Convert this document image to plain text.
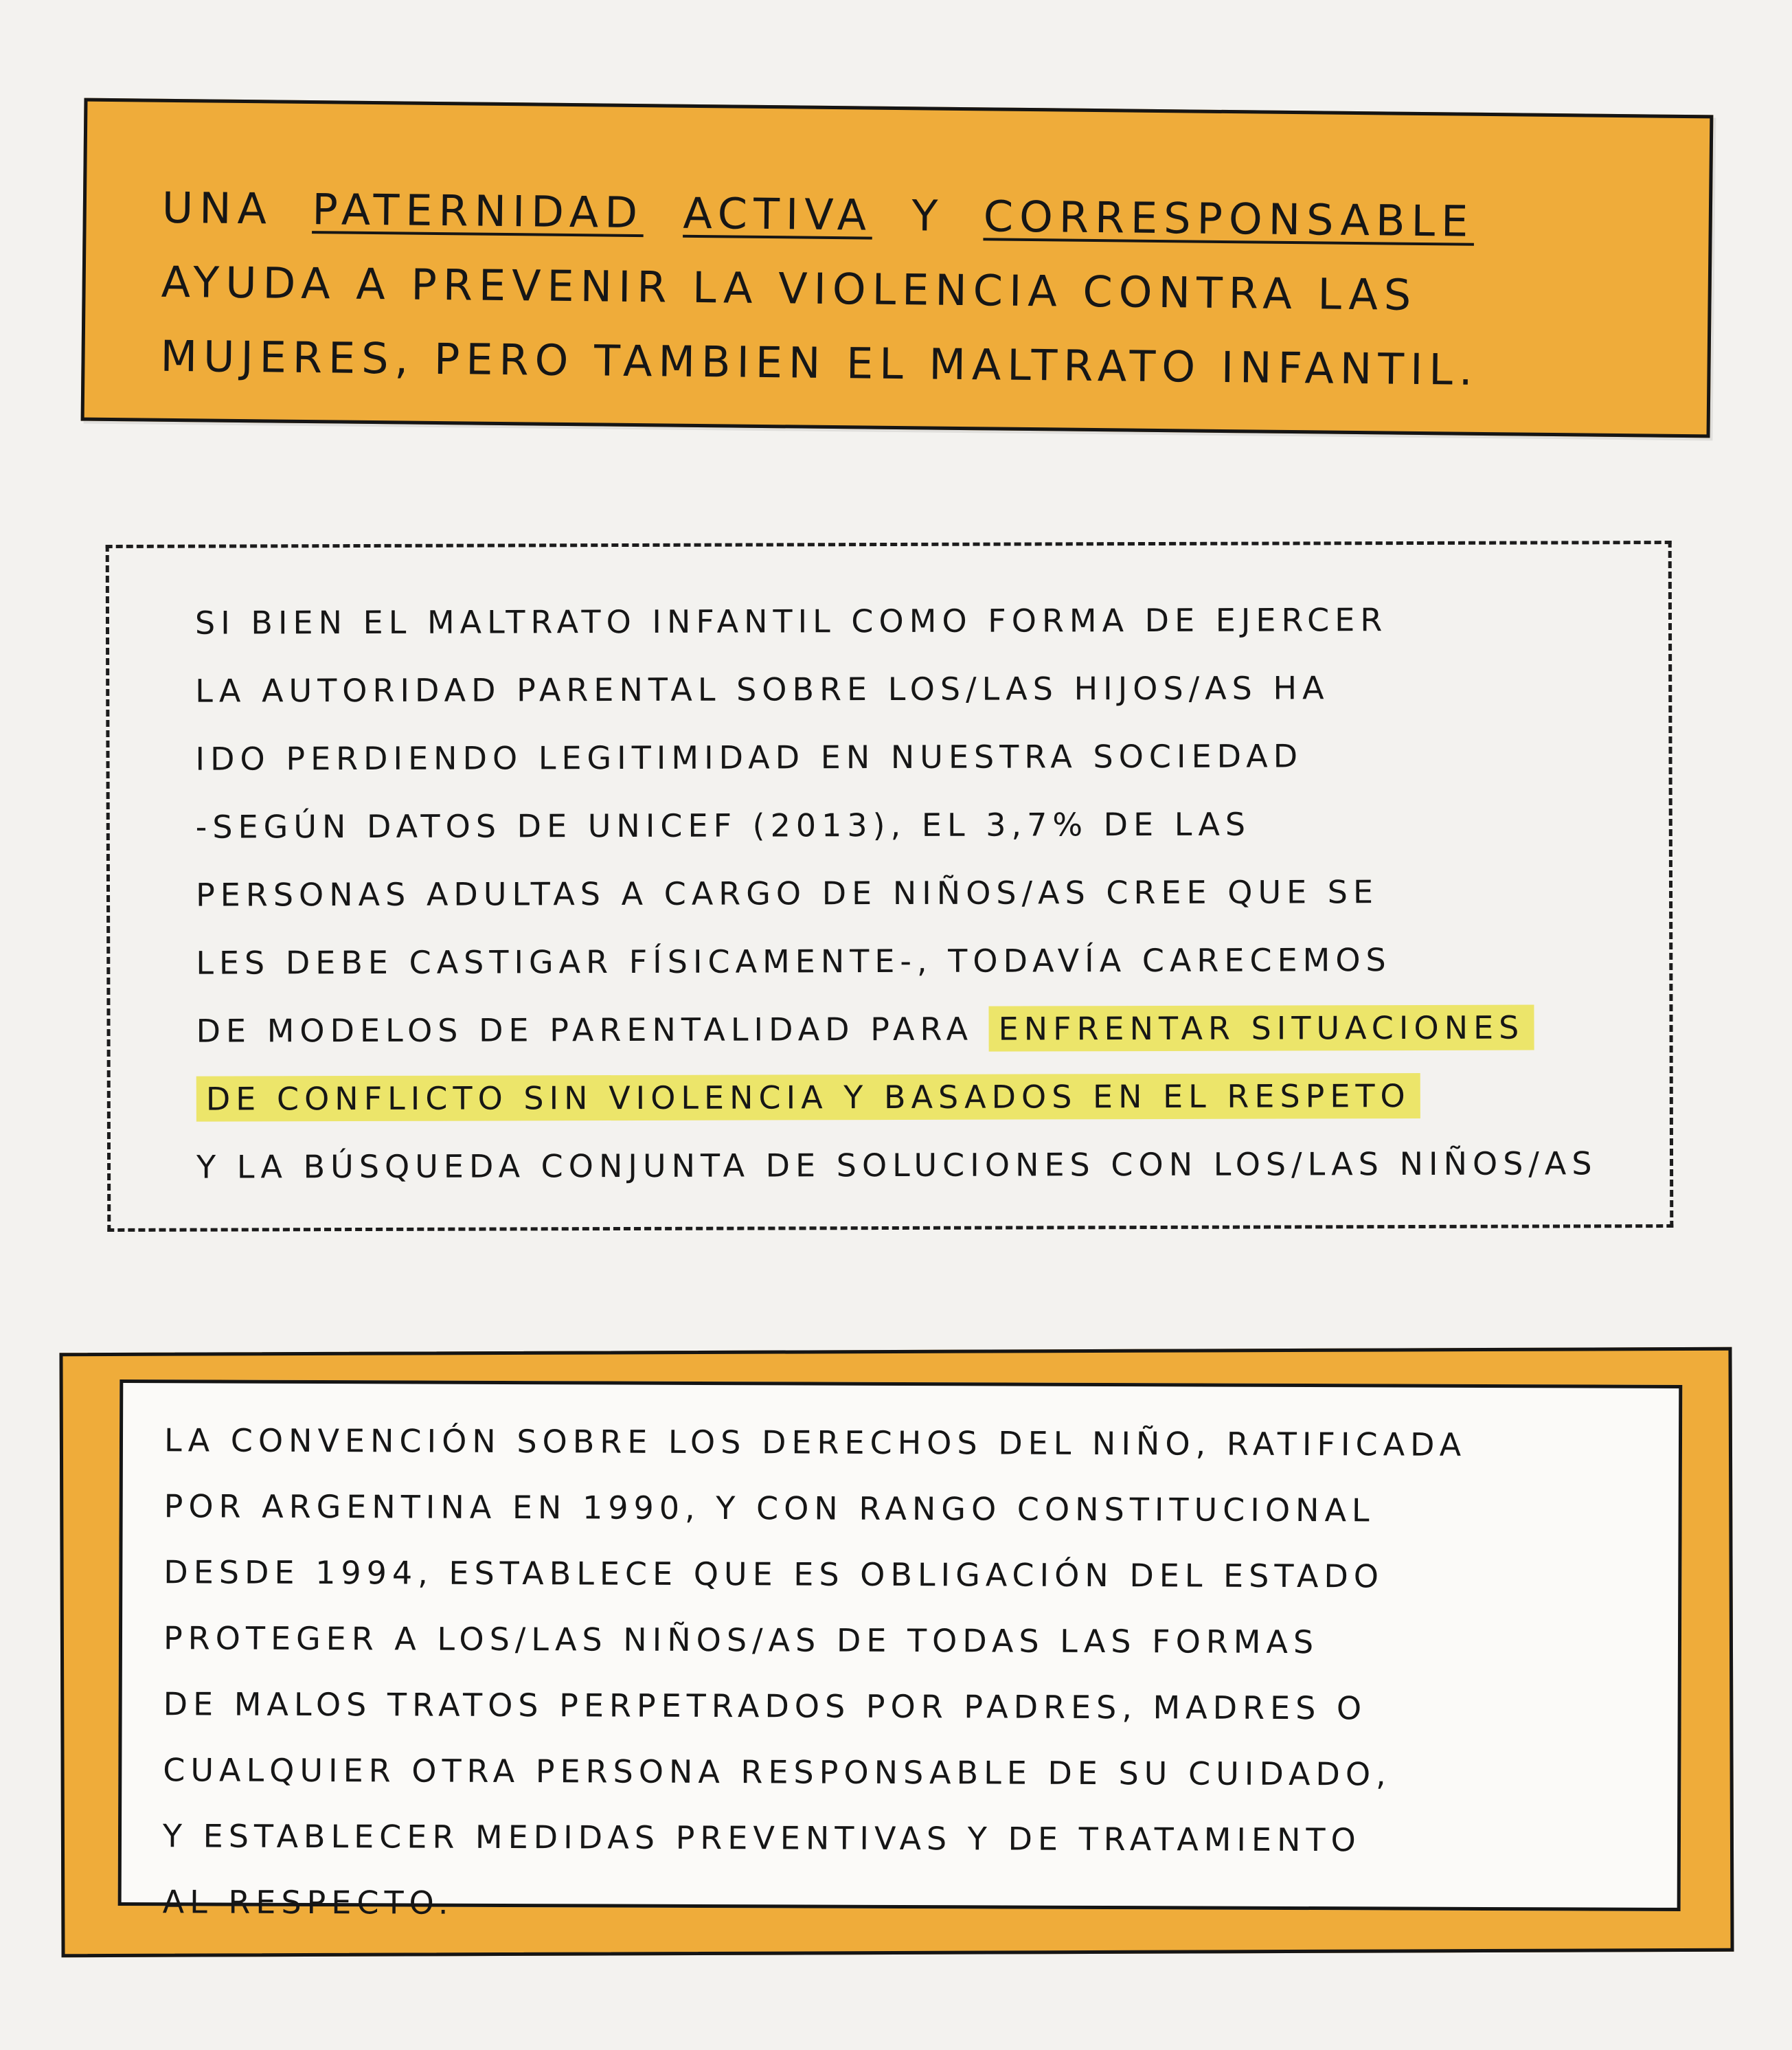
UNA PATERNIDAD ACTIVA Y CORRESPONSABLE
AYUDA A PREVENIR LA VIOLENCIA CONTRA LAS
MUJERES, PERO TAMBIEN EL MALTRATO INFANTIL.
SI BIEN EL MALTRATO INFANTIL COMO FORMA DE EJERCER
LA AUTORIDAD PARENTAL SOBRE LOS/LAS HIJOS/AS HA
IDO PERDIENDO LEGITIMIDAD EN NUESTRA SOCIEDAD
-SEGÚN DATOS DE UNICEF (2013), EL 3,7% DE LAS
PERSONAS ADULTAS A CARGO DE NIÑOS/AS CREE QUE SE
LES DEBE CASTIGAR FÍSICAMENTE-, TODAVÍA CARECEMOS
DE MODELOS DE PARENTALIDAD PARA ENFRENTAR SITUACIONES
DE CONFLICTO SIN VIOLENCIA Y BASADOS EN EL RESPETO
Y LA BÚSQUEDA CONJUNTA DE SOLUCIONES CON LOS/LAS NIÑOS/AS
LA CONVENCIÓN SOBRE LOS DERECHOS DEL NIÑO, RATIFICADA
POR ARGENTINA EN 1990, Y CON RANGO CONSTITUCIONAL
DESDE 1994, ESTABLECE QUE ES OBLIGACIÓN DEL ESTADO
PROTEGER A LOS/LAS NIÑOS/AS DE TODAS LAS FORMAS
DE MALOS TRATOS PERPETRADOS POR PADRES, MADRES O
CUALQUIER OTRA PERSONA RESPONSABLE DE SU CUIDADO,
Y ESTABLECER MEDIDAS PREVENTIVAS Y DE TRATAMIENTO
AL RESPECTO.
